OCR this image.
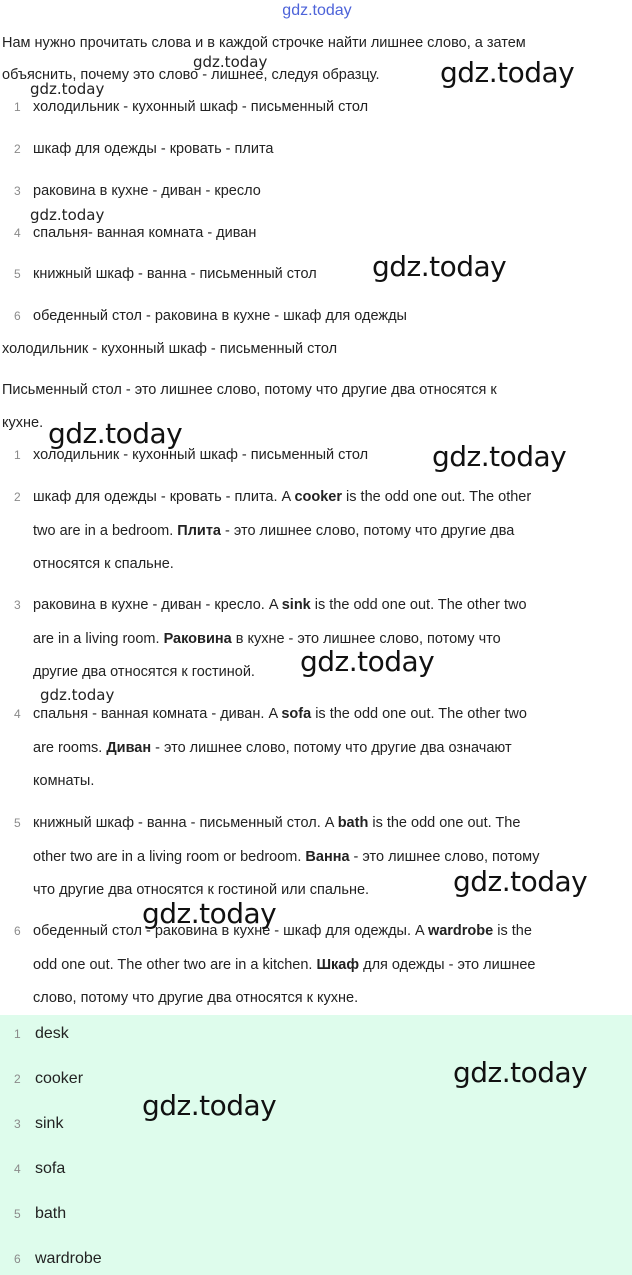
gdz.today

Нам нужно прочитать слова и в каждой строчке найти лишнее слово, а затем

объяснить, почему это слово - лишнее, следуя образцу.

1 холодильник - кухонный шкаф - письменный стол
2 шкаф для одежды - кровать - плита
3 раковина в кухне - диван - кресло
4 спальня- ванная комната - диван
5 книжный шкаф - ванна - письменный стол
6 обеденный стол - раковина в кухне - шкаф для одежды

холодильник - кухонный шкаф - письменный стол

Письменный стол - это лишнее слово, потому что другие два относятся к

кухне.

1 холодильник - кухонный шкаф - письменный стол
2 шкаф для одежды - кровать - плита. A cooker is the odd one out. The other
two are in a bedroom. Плита - это лишнее слово, потому что другие два
относятся к спальне.
3 раковина в кухне - диван - кресло. A sink is the odd one out. The other two
are in a living room. Раковина в кухне - это лишнее слово, потому что
другие два относятся к гостиной.
4 спальня - ванная комната - диван. A sofa is the odd one out. The other two
are rooms. Диван - это лишнее слово, потому что другие два означают
комнаты.
5 книжный шкаф - ванна - письменный стол. A bath is the odd one out. The
other two are in a living room or bedroom. Ванна - это лишнее слово, потому
что другие два относятся к гостиной или спальне.
6 обеденный стол - раковина в кухне - шкаф для одежды. A wardrobe is the
odd one out. The other two are in a kitchen. Шкаф для одежды - это лишнее
слово, потому что другие два относятся к кухне.
1 desk
2 cooker
3 sink
4 sofa
5 bath
6 wardrobe
gdz.today	gdz.today
gdz.today
gdz.today
gdz.today
gdz.today
gdz.today
gdz.today
gdz.today
gdz.today
gdz.today
gdz.today
gdz.today
